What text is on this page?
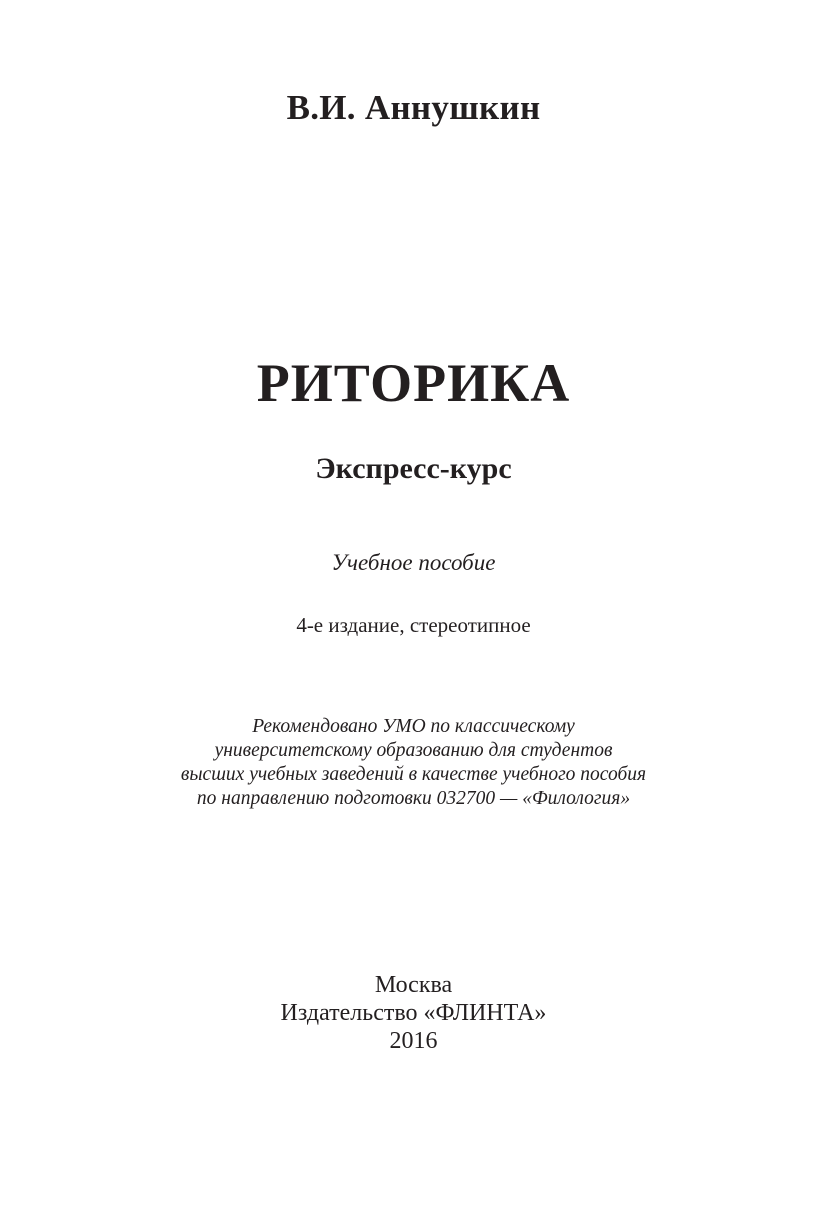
В.И. Аннушкин

РИТОРИКА

Экспресс-курс

Учебное пособие

4-е издание, стереотипное

Рекомендовано УМО по классическому
университетскому образованию для студентов
высших учебных заведений в качестве учебного пособия
по направлению подготовки 032700 — «Филология»
Москва
Издательство «ФЛИНТА»
2016
